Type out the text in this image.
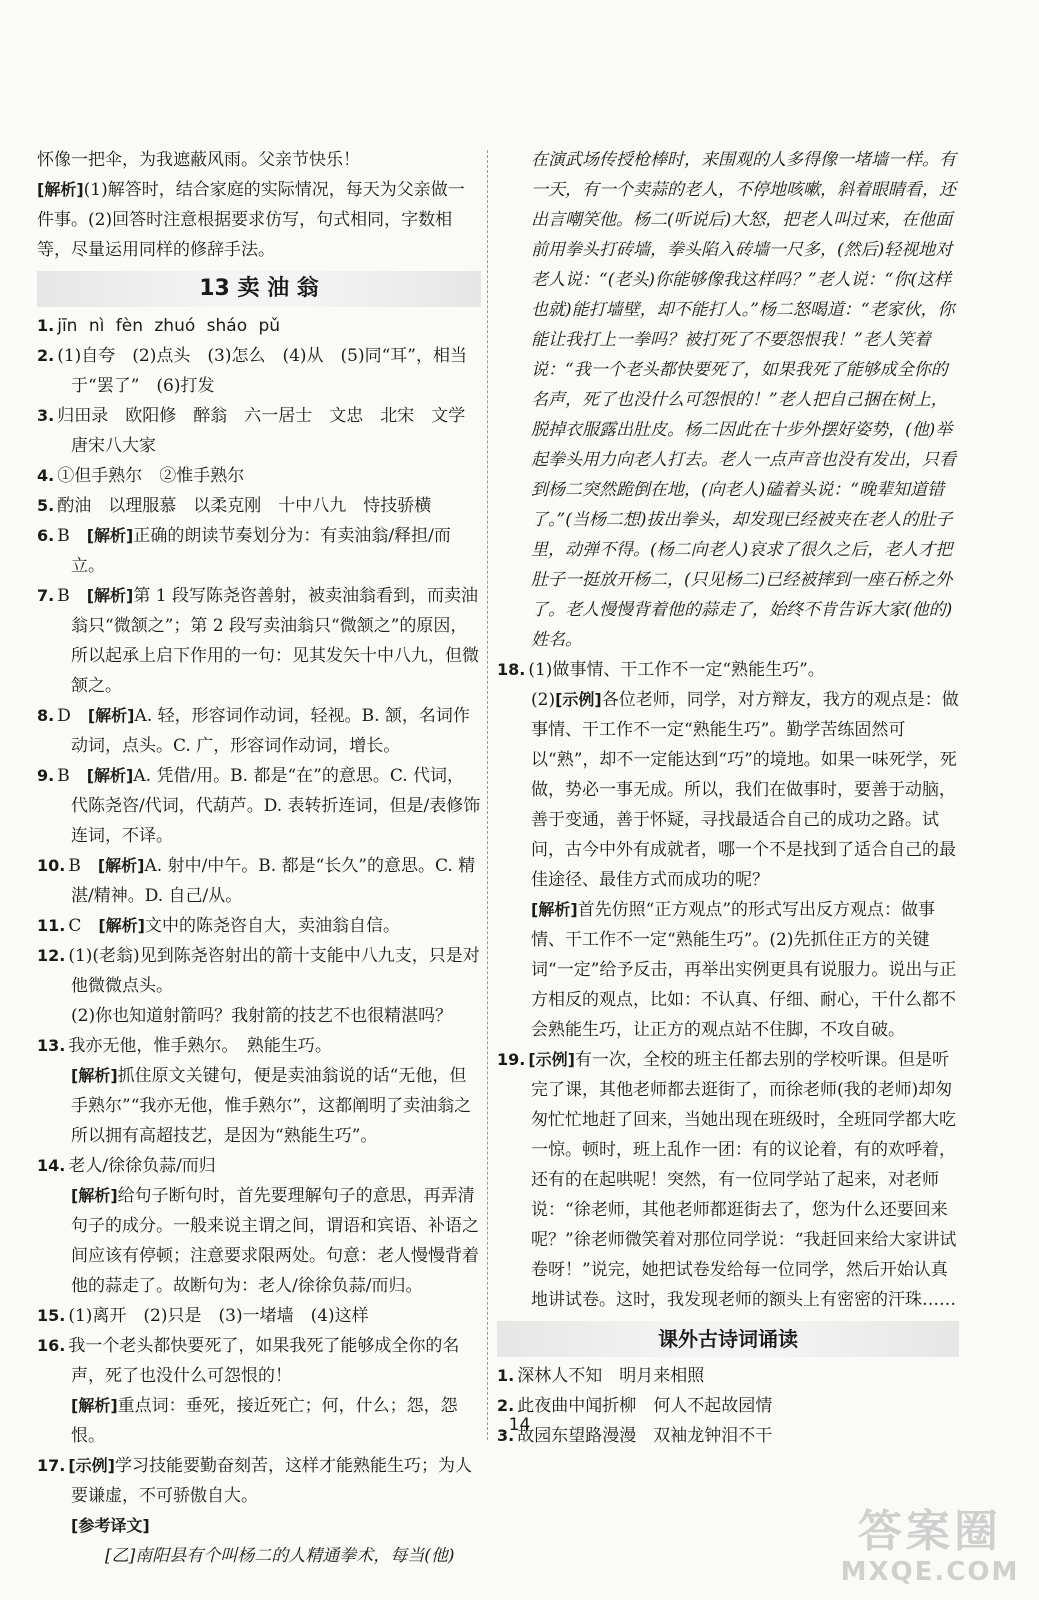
怀像一把伞，为我遮蔽风雨。父亲节快乐！

[解析](1)解答时，结合家庭的实际情况，每天为父亲做一件事。(2)回答时注意根据要求仿写，句式相同，字数相等，尽量运用同样的修辞手法。

13 卖 油 翁

1. jīn nì fèn zhuó sháo pǔ

2. (1)自夸　(2)点头　(3)怎么　(4)从　(5)同“耳”，相当于“罢了”　(6)打发

3. 归田录　欧阳修　醉翁　六一居士　文忠　北宋　文学　唐宋八大家

4. ①但手熟尔　②惟手熟尔

5. 酌油　以理服慕　以柔克刚　十中八九　恃技骄横

6. B　 [解析]正确的朗读节奏划分为：有卖油翁/释担/而立。

7. B　 [解析]第 1 段写陈尧咨善射，被卖油翁看到，而卖油翁只“微颔之”；第 2 段写卖油翁只“微颔之”的原因，所以起承上启下作用的一句：见其发矢十中八九，但微颔之。

8. D　 [解析]A. 轻，形容词作动词，轻视。B. 颔，名词作动词，点头。C. 广，形容词作动词，增长。

9. B　 [解析]A. 凭借/用。B. 都是“在”的意思。C. 代词，代陈尧咨/代词，代葫芦。D. 表转折连词，但是/表修饰连词，不译。

10. B　 [解析]A. 射中/中午。B. 都是“长久”的意思。C. 精湛/精神。D. 自己/从。

11. C　 [解析]文中的陈尧咨自大，卖油翁自信。

12. (1)(老翁)见到陈尧咨射出的箭十支能中八九支，只是对他微微点头。

(2)你也知道射箭吗？我射箭的技艺不也很精湛吗？

13. 我亦无他，惟手熟尔。　熟能生巧。

[解析]抓住原文关键句，便是卖油翁说的话“无他，但手熟尔”“我亦无他，惟手熟尔”，这都阐明了卖油翁之所以拥有高超技艺，是因为“熟能生巧”。

14. 老人/徐徐负蒜/而归

[解析]给句子断句时，首先要理解句子的意思，再弄清句子的成分。一般来说主谓之间，谓语和宾语、补语之间应该有停顿；注意要求限两处。句意：老人慢慢背着他的蒜走了。故断句为：老人/徐徐负蒜/而归。

15. (1)离开　(2)只是　(3)一堵墙　(4)这样

16. 我一个老头都快要死了，如果我死了能够成全你的名声，死了也没什么可怨恨的！

[解析]重点词：垂死，接近死亡；何，什么；怨，怨恨。

17. [示例]学习技能要勤奋刻苦，这样才能熟能生巧；为人要谦虚，不可骄傲自大。

[参考译文]

[乙]南阳县有个叫杨二的人精通拳术，每当(他)

在演武场传授枪棒时，来围观的人多得像一堵墙一样。有一天，有一个卖蒜的老人，不停地咳嗽，斜着眼睛看，还出言嘲笑他。杨二(听说后)大怒，把老人叫过来，在他面前用拳头打砖墙，拳头陷入砖墙一尺多，(然后)轻视地对老人说：“(老头)你能够像我这样吗？”老人说：“你(这样也就)能打墙壁，却不能打人。”杨二怒喝道：“老家伙，你能让我打上一拳吗？被打死了不要怨恨我！”老人笑着说：“我一个老头都快要死了，如果我死了能够成全你的名声，死了也没什么可怨恨的！”老人把自己捆在树上，脱掉衣服露出肚皮。杨二因此在十步外摆好姿势，(他)举起拳头用力向老人打去。老人一点声音也没有发出，只看到杨二突然跪倒在地，(向老人)磕着头说：“晚辈知道错了。”(当杨二想)拔出拳头，却发现已经被夹在老人的肚子里，动弹不得。(杨二向老人)哀求了很久之后，老人才把肚子一挺放开杨二，(只见杨二)已经被摔到一座石桥之外了。老人慢慢背着他的蒜走了，始终不肯告诉大家(他的)姓名。

18. (1)做事情、干工作不一定“熟能生巧”。

(2)[示例]各位老师，同学，对方辩友，我方的观点是：做事情、干工作不一定“熟能生巧”。勤学苦练固然可以“熟”，却不一定能达到“巧”的境地。如果一味死学，死做，势必一事无成。所以，我们在做事时，要善于动脑，善于变通，善于怀疑，寻找最适合自己的成功之路。试问，古今中外有成就者，哪一个不是找到了适合自己的最佳途径、最佳方式而成功的呢？

[解析]首先仿照“正方观点”的形式写出反方观点：做事情、干工作不一定“熟能生巧”。(2)先抓住正方的关键词“一定”给予反击，再举出实例更具有说服力。说出与正方相反的观点，比如：不认真、仔细、耐心，干什么都不会熟能生巧，让正方的观点站不住脚，不攻自破。

19. [示例]有一次，全校的班主任都去别的学校听课。但是听完了课，其他老师都去逛街了，而徐老师(我的老师)却匆匆忙忙地赶了回来，当她出现在班级时，全班同学都大吃一惊。顿时，班上乱作一团：有的议论着，有的欢呼着，还有的在起哄呢！突然，有一位同学站了起来，对老师说：“徐老师，其他老师都逛街去了，您为什么还要回来呢？”徐老师微笑着对那位同学说：“我赶回来给大家讲试卷呀！”说完，她把试卷发给每一位同学，然后开始认真地讲试卷。这时，我发现老师的额头上有密密的汗珠……

课外古诗词诵读

1. 深林人不知　明月来相照

2. 此夜曲中闻折柳　何人不起故园情

3. 故园东望路漫漫　双袖龙钟泪不干

14
答案圈
MXQE.COM
